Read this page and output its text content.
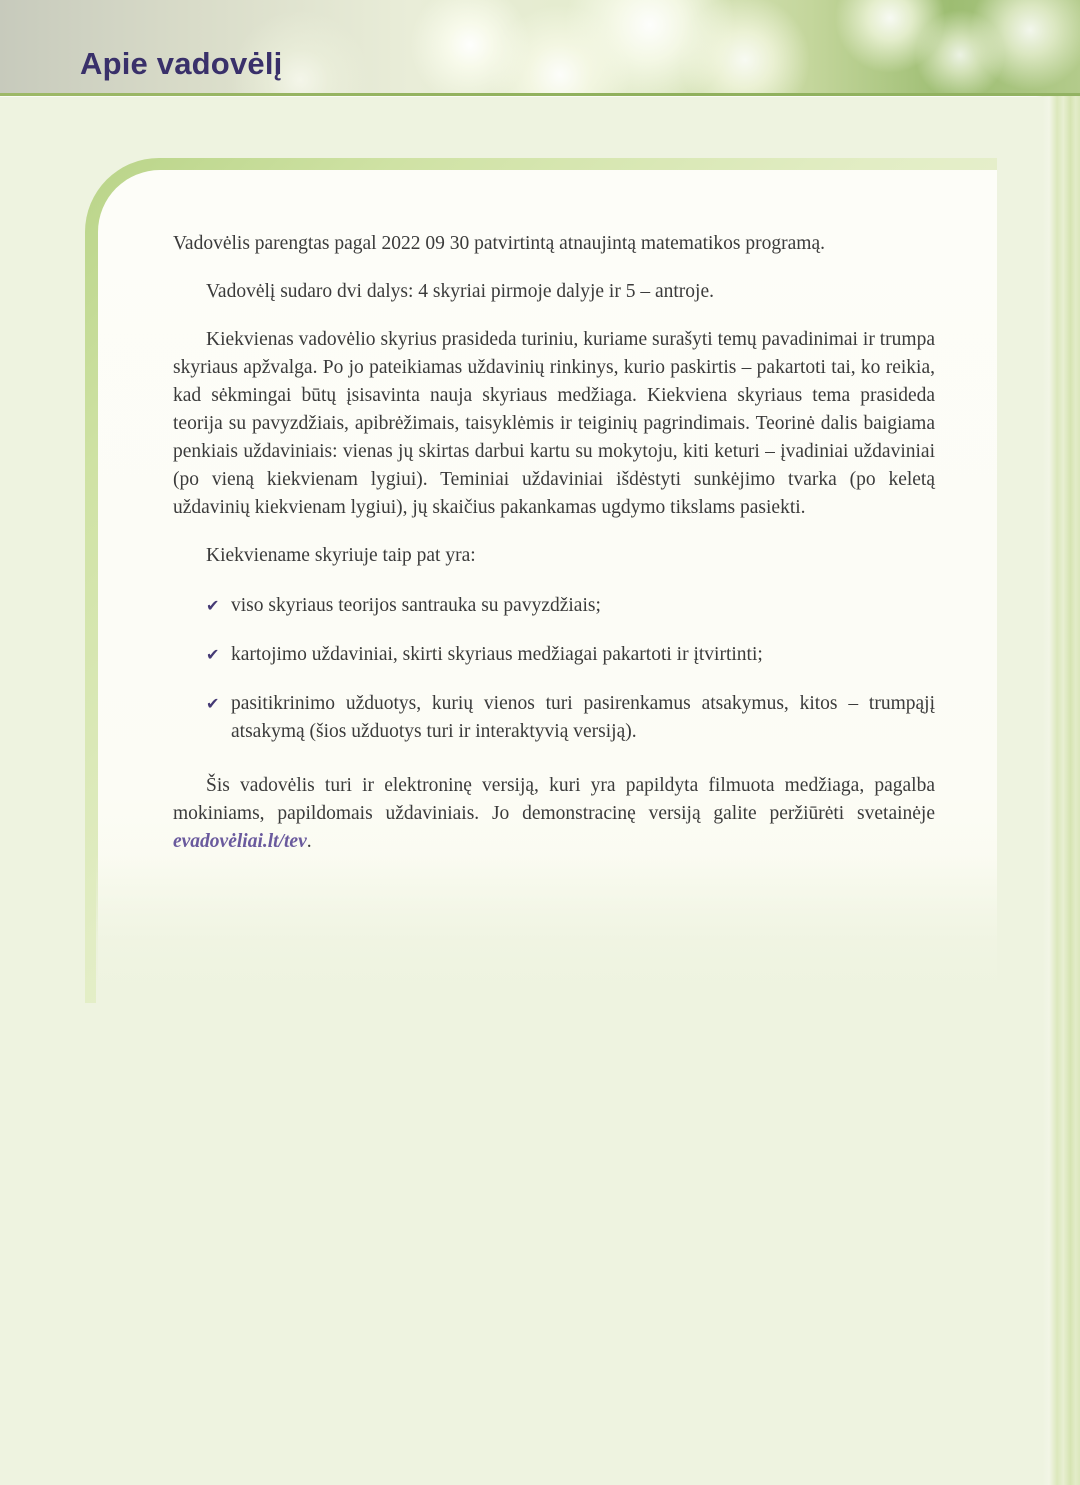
Apie vadovėlį

Vadovėlis parengtas pagal 2022 09 30 patvirtintą atnaujintą matematikos programą.

Vadovėlį sudaro dvi dalys: 4 skyriai pirmoje dalyje ir 5 – antroje.

Kiekvienas vadovėlio skyrius prasideda turiniu, kuriame surašyti temų pavadinimai ir trumpa skyriaus apžvalga. Po jo pateikiamas uždavinių rinkinys, kurio paskirtis – pakartoti tai, ko reikia, kad sėkmingai būtų įsisavinta nauja skyriaus medžiaga. Kiekviena skyriaus tema prasideda teorija su pavyzdžiais, apibrėžimais, taisyklėmis ir teiginių pagrindimais. Teorinė dalis baigiama penkiais uždaviniais: vienas jų skirtas darbui kartu su mokytoju, kiti keturi – įvadiniai uždaviniai (po vieną kiekvienam lygiui). Teminiai uždaviniai išdėstyti sunkėjimo tvarka (po keletą uždavinių kiekvienam lygiui), jų skaičius pakankamas ugdymo tikslams pasiekti.

Kiekviename skyriuje taip pat yra:

✔ viso skyriaus teorijos santrauka su pavyzdžiais;
✔ kartojimo uždaviniai, skirti skyriaus medžiagai pakartoti ir įtvirtinti;
✔ pasitikrinimo užduotys, kurių vienos turi pasirenkamus atsakymus, kitos – trumpąjį atsakymą (šios užduotys turi ir interaktyvią versiją).

Šis vadovėlis turi ir elektroninę versiją, kuri yra papildyta filmuota medžiaga, pagalba mokiniams, papildomais uždaviniais. Jo demonstracinę versiją galite peržiūrėti svetainėje evadovėliai.lt/tev.
